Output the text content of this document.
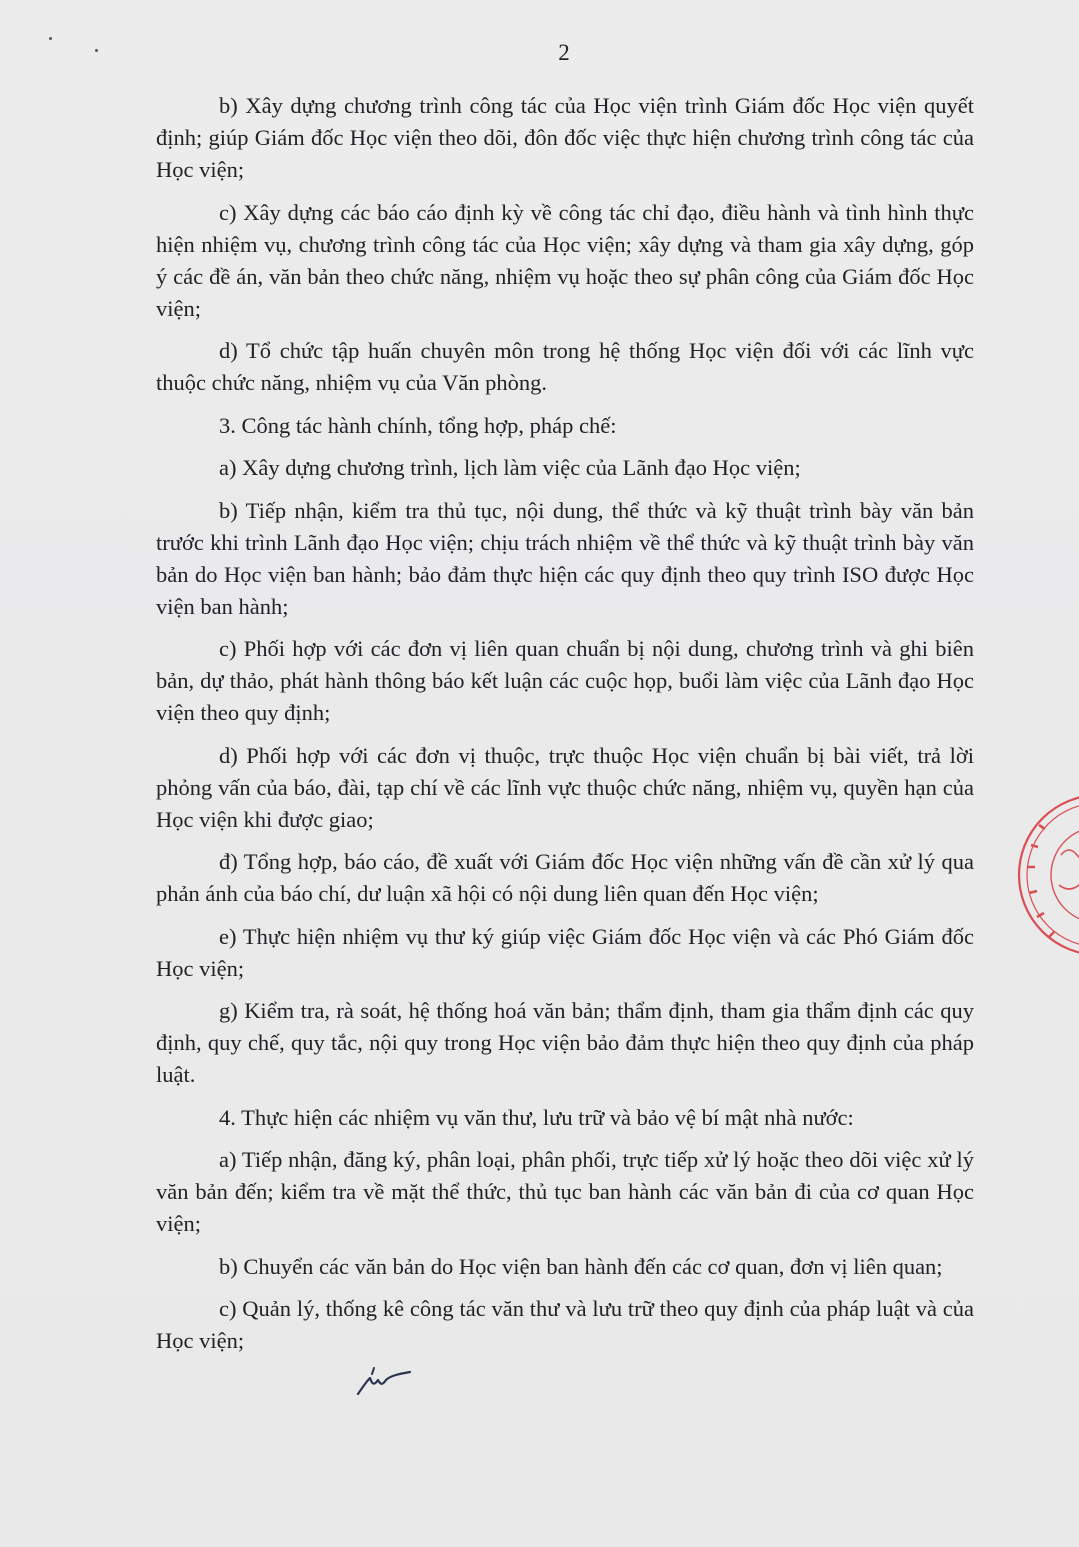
2

b) Xây dựng chương trình công tác của Học viện trình Giám đốc Học viện quyết định; giúp Giám đốc Học viện theo dõi, đôn đốc việc thực hiện chương trình công tác của Học viện;

c) Xây dựng các báo cáo định kỳ về công tác chỉ đạo, điều hành và tình hình thực hiện nhiệm vụ, chương trình công tác của Học viện; xây dựng và tham gia xây dựng, góp ý các đề án, văn bản theo chức năng, nhiệm vụ hoặc theo sự phân công của Giám đốc Học viện;

d) Tổ chức tập huấn chuyên môn trong hệ thống Học viện đối với các lĩnh vực thuộc chức năng, nhiệm vụ của Văn phòng.

3. Công tác hành chính, tổng hợp, pháp chế:

a) Xây dựng chương trình, lịch làm việc của Lãnh đạo Học viện;

b) Tiếp nhận, kiểm tra thủ tục, nội dung, thể thức và kỹ thuật trình bày văn bản trước khi trình Lãnh đạo Học viện; chịu trách nhiệm về thể thức và kỹ thuật trình bày văn bản do Học viện ban hành; bảo đảm thực hiện các quy định theo quy trình ISO được Học viện ban hành;

c) Phối hợp với các đơn vị liên quan chuẩn bị nội dung, chương trình và ghi biên bản, dự thảo, phát hành thông báo kết luận các cuộc họp, buổi làm việc của Lãnh đạo Học viện theo quy định;

d) Phối hợp với các đơn vị thuộc, trực thuộc Học viện chuẩn bị bài viết, trả lời phỏng vấn của báo, đài, tạp chí về các lĩnh vực thuộc chức năng, nhiệm vụ, quyền hạn của Học viện khi được giao;

đ) Tổng hợp, báo cáo, đề xuất với Giám đốc Học viện những vấn đề cần xử lý qua phản ánh của báo chí, dư luận xã hội có nội dung liên quan đến Học viện;

e) Thực hiện nhiệm vụ thư ký giúp việc Giám đốc Học viện và các Phó Giám đốc Học viện;

g) Kiểm tra, rà soát, hệ thống hoá văn bản; thẩm định, tham gia thẩm định các quy định, quy chế, quy tắc, nội quy trong Học viện bảo đảm thực hiện theo quy định của pháp luật.

4. Thực hiện các nhiệm vụ văn thư, lưu trữ và bảo vệ bí mật nhà nước:

a) Tiếp nhận, đăng ký, phân loại, phân phối, trực tiếp xử lý hoặc theo dõi việc xử lý văn bản đến; kiểm tra về mặt thể thức, thủ tục ban hành các văn bản đi của cơ quan Học viện;

b) Chuyển các văn bản do Học viện ban hành đến các cơ quan, đơn vị liên quan;

c) Quản lý, thống kê công tác văn thư và lưu trữ theo quy định của pháp luật và của Học viện;
